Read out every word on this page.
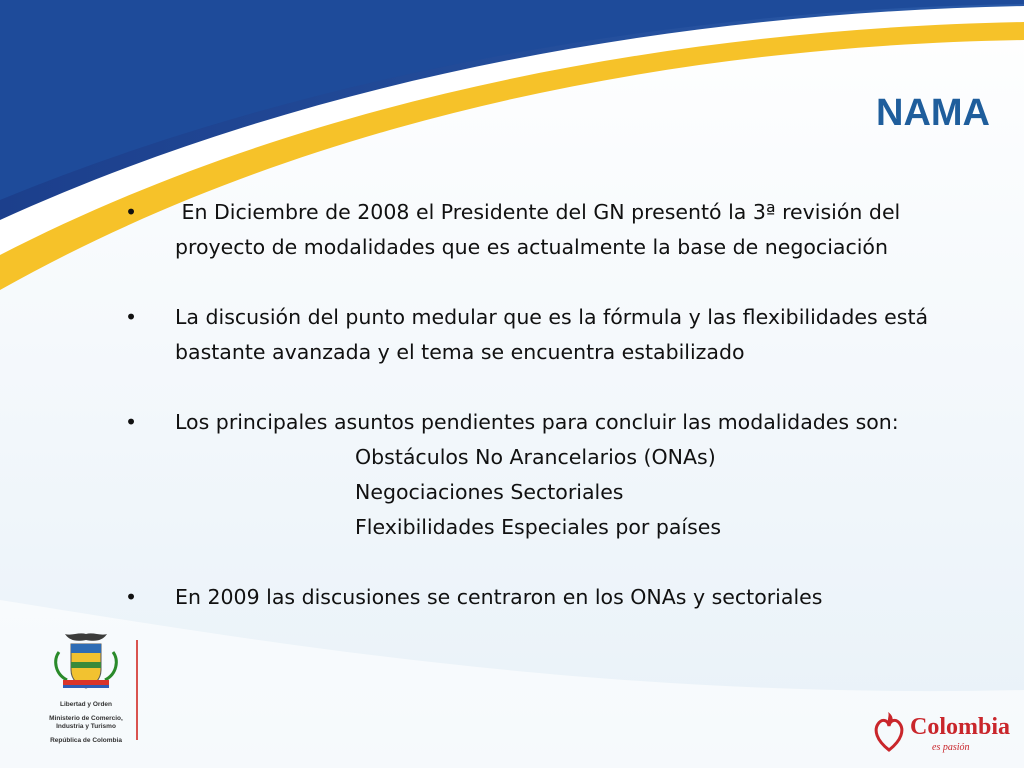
NAMA
• En Diciembre de 2008 el Presidente del GN presentó la 3ª revisión del
proyecto de modalidades que es actualmente la base de negociación
• La discusión del punto medular que es la fórmula y las flexibilidades está
bastante avanzada y el tema se encuentra estabilizado
• Los principales asuntos pendientes para concluir las modalidades son:
Obstáculos No Arancelarios (ONAs)
Negociaciones Sectoriales
Flexibilidades Especiales por países
• En 2009 las discusiones se centraron en los ONAs y sectoriales

Libertad y Orden

Ministerio de Comercio,

Industria y Turismo

República de Colombia

Colombia

es pasión
